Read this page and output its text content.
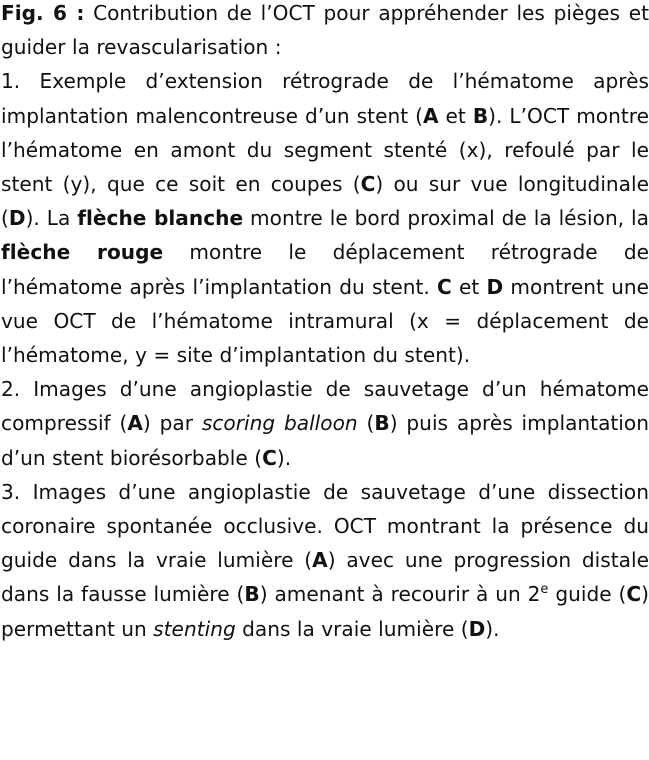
Fig. 6 : Contribution de l’OCT pour appréhender les pièges et guider la revascularisation :

1. Exemple d’extension rétrograde de l’hématome après implantation malencontreuse d’un stent (A et B). L’OCT montre l’hématome en amont du segment stenté (x), refoulé par le stent (y), que ce soit en coupes (C) ou sur vue longitudinale (D). La flèche blanche montre le bord proximal de la lésion, la flèche rouge montre le déplacement rétrograde de l’hématome après l’implantation du stent. C et D montrent une vue OCT de l’hématome intramural (x = déplacement de l’hématome, y = site d’implantation du stent).

2. Images d’une angioplastie de sauvetage d’un hématome compressif (A) par scoring balloon (B) puis après implantation d’un stent biorésorbable (C).

3. Images d’une angioplastie de sauvetage d’une dissection coronaire spontanée occlusive. OCT montrant la présence du guide dans la vraie lumière (A) avec une progression distale dans la fausse lumière (B) amenant à recourir à un 2e guide (C) permettant un stenting dans la vraie lumière (D).
